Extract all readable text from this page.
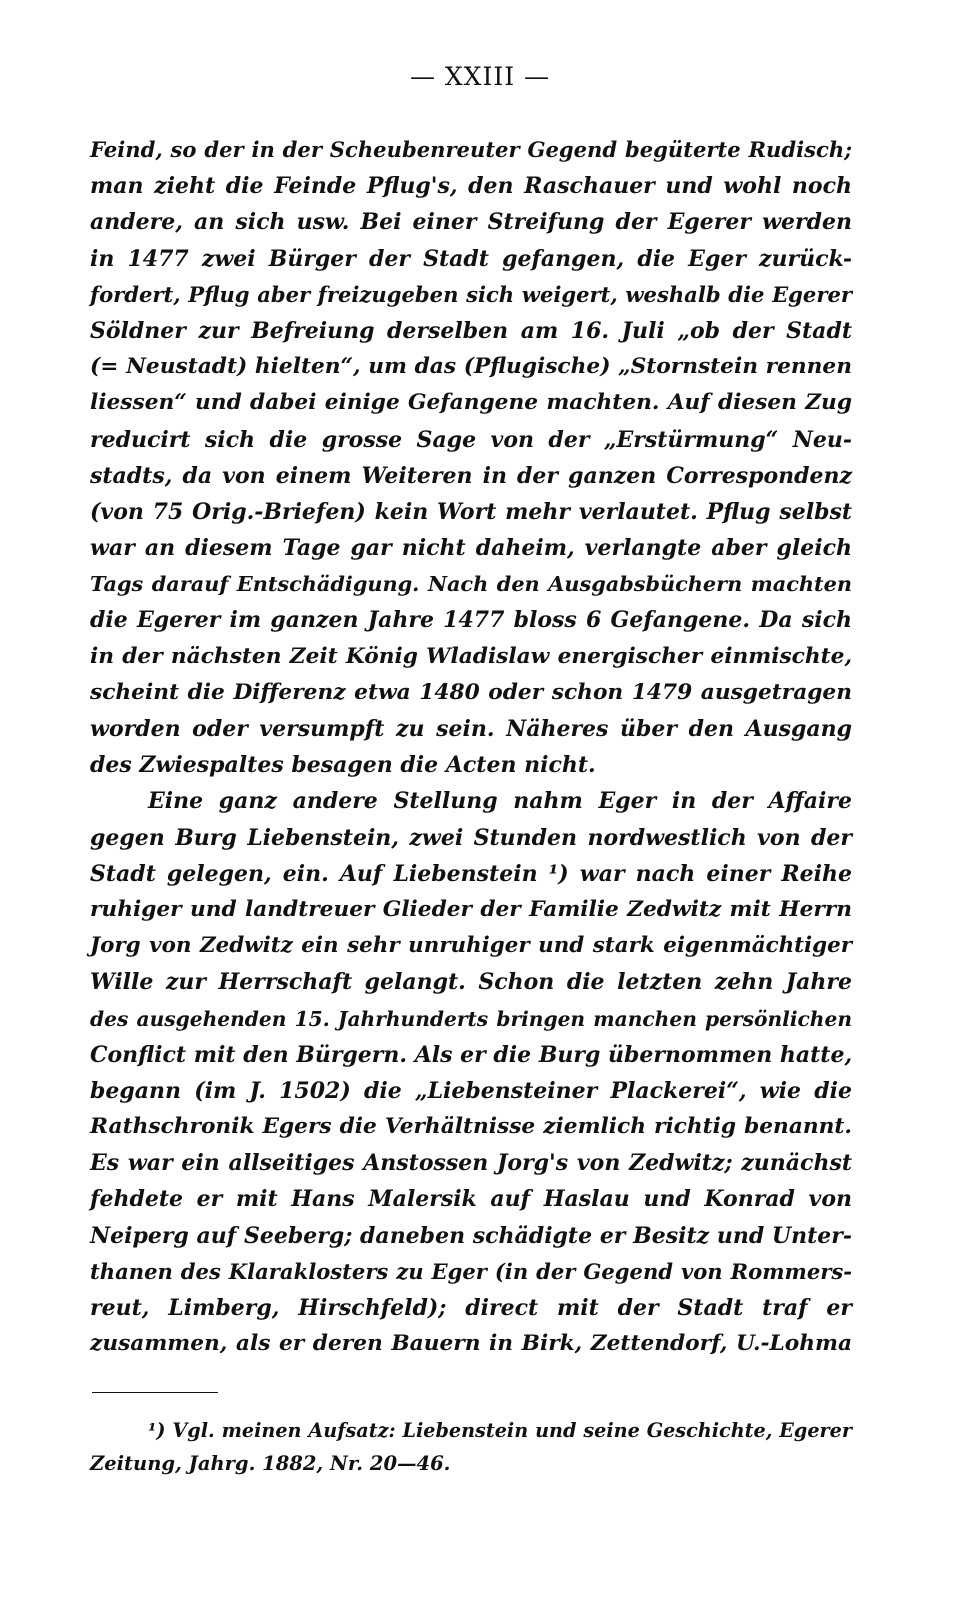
— XXIII —
Feind, so der in der Scheubenreuter Gegend begüterte Rudisch;
man zieht die Feinde Pflug's, den Raschauer und wohl noch
andere, an sich usw. Bei einer Streifung der Egerer werden
in 1477 zwei Bürger der Stadt gefangen, die Eger zurück-
fordert, Pflug aber freizugeben sich weigert, weshalb die Egerer
Söldner zur Befreiung derselben am 16. Juli „ob der Stadt
(= Neustadt) hielten“, um das (Pflugische) „Stornstein rennen
liessen“ und dabei einige Gefangene machten. Auf diesen Zug
reducirt sich die grosse Sage von der „Erstürmung“ Neu-
stadts, da von einem Weiteren in der ganzen Correspondenz
(von 75 Orig.-Briefen) kein Wort mehr verlautet. Pflug selbst
war an diesem Tage gar nicht daheim, verlangte aber gleich
Tags darauf Entschädigung. Nach den Ausgabsbüchern machten
die Egerer im ganzen Jahre 1477 bloss 6 Gefangene. Da sich
in der nächsten Zeit König Wladislaw energischer einmischte,
scheint die Differenz etwa 1480 oder schon 1479 ausgetragen
worden oder versumpft zu sein. Näheres über den Ausgang
des Zwiespaltes besagen die Acten nicht.
Eine ganz andere Stellung nahm Eger in der Affaire
gegen Burg Liebenstein, zwei Stunden nordwestlich von der
Stadt gelegen, ein. Auf Liebenstein ¹) war nach einer Reihe
ruhiger und landtreuer Glieder der Familie Zedwitz mit Herrn
Jorg von Zedwitz ein sehr unruhiger und stark eigenmächtiger
Wille zur Herrschaft gelangt. Schon die letzten zehn Jahre
des ausgehenden 15. Jahrhunderts bringen manchen persönlichen
Conflict mit den Bürgern. Als er die Burg übernommen hatte,
begann (im J. 1502) die „Liebensteiner Plackerei“, wie die
Rathschronik Egers die Verhältnisse ziemlich richtig benannt.
Es war ein allseitiges Anstossen Jorg's von Zedwitz; zunächst
fehdete er mit Hans Malersik auf Haslau und Konrad von
Neiperg auf Seeberg; daneben schädigte er Besitz und Unter-
thanen des Klaraklosters zu Eger (in der Gegend von Rommers-
reut, Limberg, Hirschfeld); direct mit der Stadt traf er
zusammen, als er deren Bauern in Birk, Zettendorf, U.-Lohma
¹) Vgl. meinen Aufsatz: Liebenstein und seine Geschichte, Egerer
Zeitung, Jahrg. 1882, Nr. 20—46.
